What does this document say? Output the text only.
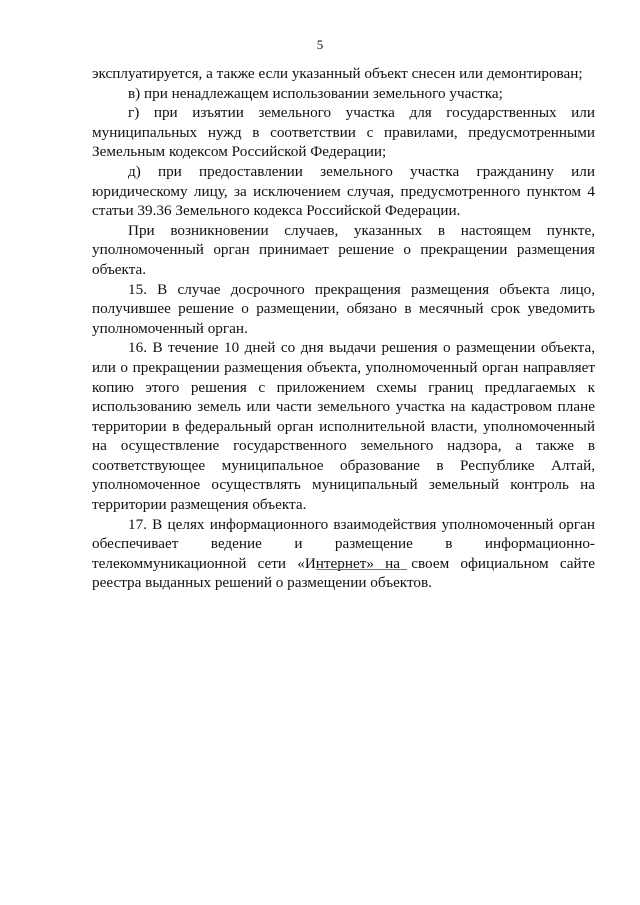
5

эксплуатируется, а также если указанный объект снесен или демонтирован;

в) при ненадлежащем использовании земельного участка;

г) при изъятии земельного участка для государственных или муниципальных нужд в соответствии с правилами, предусмотренными Земельным кодексом Российской Федерации;

д) при предоставлении земельного участка гражданину или юридическому лицу, за исключением случая, предусмотренного пунктом 4 статьи 39.36 Земельного кодекса Российской Федерации.

При возникновении случаев, указанных в настоящем пункте, уполномоченный орган принимает решение о прекращении размещения объекта.

15. В случае досрочного прекращения размещения объекта лицо, получившее решение о размещении, обязано в месячный срок уведомить уполномоченный орган.

16. В течение 10 дней со дня выдачи решения о размещении объекта, или о прекращении размещения объекта, уполномоченный орган направляет копию этого решения с приложением схемы границ предлагаемых к использованию земель или части земельного участка на кадастровом плане территории в федеральный орган исполнительной власти, уполномоченный на осуществление государственного земельного надзора, а также в соответствующее муниципальное образование в Республике Алтай, уполномоченное осуществлять муниципальный земельный контроль на территории размещения объекта.

17. В целях информационного взаимодействия уполномоченный орган обеспечивает ведение и размещение в информационно-телекоммуникационной сети «Интернет» на своем официальном сайте реестра выданных решений о размещении объектов.
